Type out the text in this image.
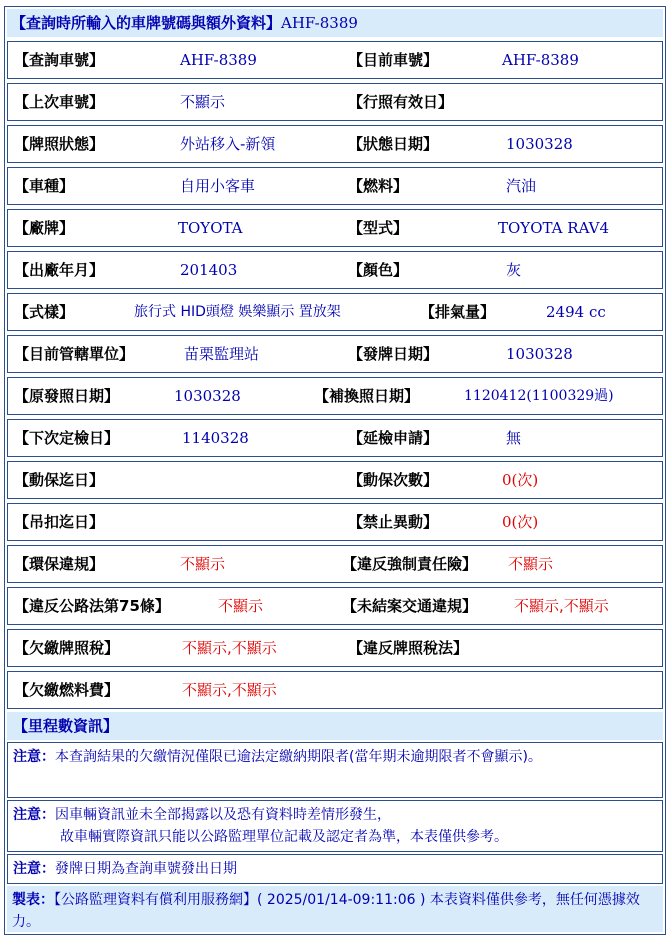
【查詢時所輸入的車牌號碼與額外資料】AHF-8389
【查詢車號】	AHF-8389	【目前車號】	AHF-8389
【上次車號】	不顯示	【行照有效日】
【牌照狀態】	外站移入-新領	【狀態日期】	1030328
【車種】	自用小客車	【燃料】	汽油
【廠牌】	TOYOTA	【型式】	TOYOTA RAV4
【出廠年月】	201403	【顏色】	灰
【式樣】	旅行式 HID頭燈 娛樂顯示 置放架	【排氣量】	2494 cc
【目前管轄單位】	苗栗監理站	【發牌日期】	1030328
【原發照日期】	1030328	【補換照日期】	1120412(1100329過)
【下次定檢日】	1140328	【延檢申請】	無
【動保迄日】	【動保次數】	0(次)
【吊扣迄日】	【禁止異動】	0(次)
【環保違規】	不顯示	【違反強制責任險】 不顯示
【違反公路法第75條】	不顯示	【未結案交通違規】 不顯示,不顯示
【欠繳牌照稅】	不顯示,不顯示	【違反牌照稅法】
【欠繳燃料費】	不顯示,不顯示
【里程數資訊】
注意：本查詢結果的欠繳情況僅限已逾法定繳納期限者(當年期未逾期限者不會顯示)。
注意：因車輛資訊並未全部揭露以及恐有資料時差情形發生，
故車輛實際資訊只能以公路監理單位記載及認定者為準，本表僅供參考。
注意：發牌日期為查詢車號發出日期
製表：【公路監理資料有償利用服務網】( 2025/01/14-09:11:06 ) 本表資料僅供參考，無任何憑據效力。
